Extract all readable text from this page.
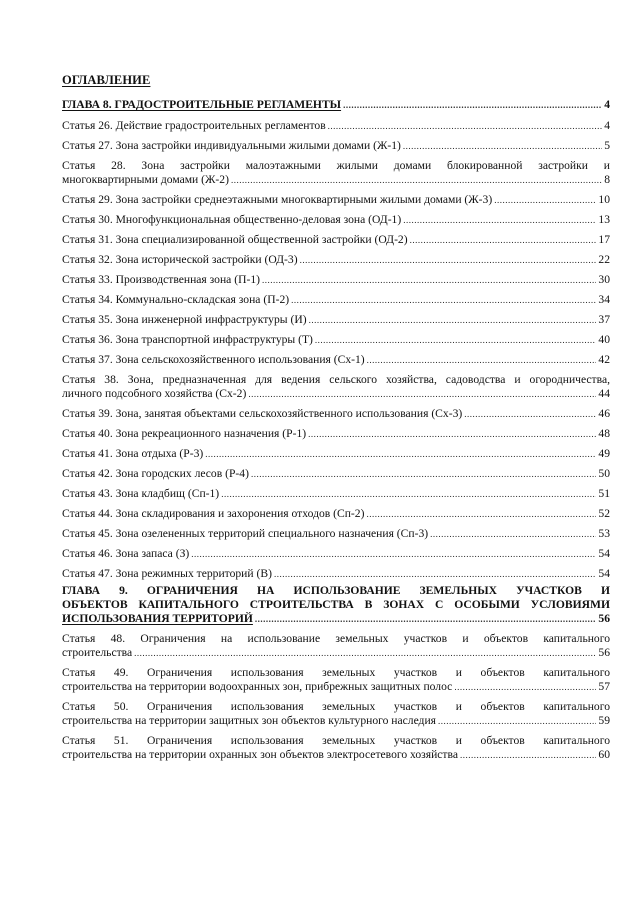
ОГЛАВЛЕНИЕ
ГЛАВА 8. ГРАДОСТРОИТЕЛЬНЫЕ РЕГЛАМЕНТЫ .....	4
Статья 26. Действие градостроительных регламентов .....	4
Статья 27. Зона застройки индивидуальными жилыми домами (Ж-1) .....	5
Статья 28. Зона застройки малоэтажными жилыми домами блокированной застройки и
многоквартирными домами (Ж-2) .....	8
Статья 29. Зона застройки среднеэтажными многоквартирными жилыми домами (Ж-3) .....	10
Статья 30. Многофункциональная общественно-деловая зона (ОД-1) .....	13
Статья 31. Зона специализированной общественной застройки (ОД-2) .....	17
Статья 32. Зона исторической застройки (ОД-3) .....	22
Статья 33. Производственная зона (П-1) .....	30
Статья 34. Коммунально-складская зона (П-2) .....	34
Статья 35. Зона инженерной инфраструктуры (И) .....	37
Статья 36. Зона транспортной инфраструктуры (Т) .....	40
Статья 37. Зона сельскохозяйственного использования (Сх-1) .....	42
Статья 38. Зона, предназначенная для ведения сельского хозяйства, садоводства и огородничества,
личного подсобного хозяйства (Сх-2) .....	44
Статья 39. Зона, занятая объектами сельскохозяйственного использования (Сх-3) .....	46
Статья 40. Зона рекреационного назначения (Р-1) .....	48
Статья 41. Зона отдыха (Р-3) .....	49
Статья 42. Зона городских лесов (Р-4) .....	50
Статья 43. Зона кладбищ (Сп-1) .....	51
Статья 44. Зона складирования и захоронения отходов (Сп-2) .....	52
Статья 45. Зона озелененных территорий специального назначения (Сп-3) .....	53
Статья 46. Зона запаса (З) .....	54
Статья 47. Зона режимных территорий (В) .....	54
ГЛАВА 9. ОГРАНИЧЕНИЯ НА ИСПОЛЬЗОВАНИЕ ЗЕМЕЛЬНЫХ УЧАСТКОВ И
ОБЪЕКТОВ КАПИТАЛЬНОГО СТРОИТЕЛЬСТВА В ЗОНАХ С ОСОБЫМИ УСЛОВИЯМИ
ИСПОЛЬЗОВАНИЯ ТЕРРИТОРИЙ .....	56
Статья 48. Ограничения на использование земельных участков и объектов капитального
строительства .....	56
Статья 49. Ограничения использования земельных участков и объектов капитального
строительства на территории водоохранных зон, прибрежных защитных полос .....	57
Статья 50. Ограничения использования земельных участков и объектов капитального
строительства на территории защитных зон объектов культурного наследия .....	59
Статья 51. Ограничения использования земельных участков и объектов капитального
строительства на территории охранных зон объектов электросетевого хозяйства .....	60
